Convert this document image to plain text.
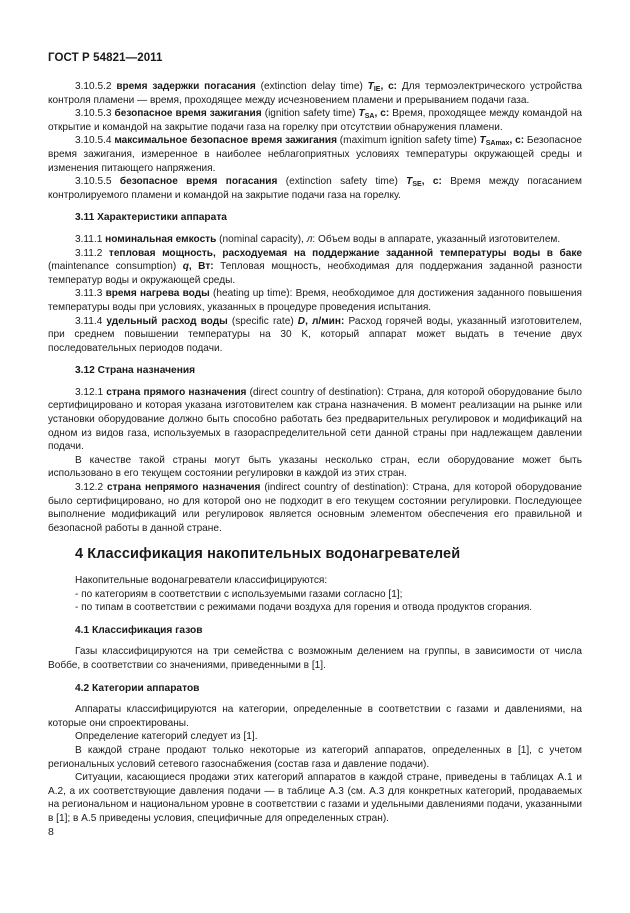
ГОСТ Р 54821—2011

3.10.5.2 время задержки погасания (extinction delay time) $T_{IE}$, с: Для термоэлектрического устройства контроля пламени — время, проходящее между исчезновением пламени и прерыванием подачи газа.

3.10.5.3 безопасное время зажигания (ignition safety time) $T_{SA}$, с: Время, проходящее между командой на открытие и командой на закрытие подачи газа на горелку при отсутствии обнаружения пламени.

3.10.5.4 максимальное безопасное время зажигания (maximum ignition safety time) $T_{SAmax}$, с: Безопасное время зажигания, измеренное в наиболее неблагоприятных условиях температуры окружающей среды и изменения питающего напряжения.

3.10.5.5 безопасное время погасания (extinction safety time) $T_{SE}$, с: Время между погасанием контролируемого пламени и командой на закрытие подачи газа на горелку.

3.11 Характеристики аппарата

3.11.1 номинальная емкость (nominal capacity), л: Объем воды в аппарате, указанный изготовителем.

3.11.2 тепловая мощность, расходуемая на поддержание заданной температуры воды в баке (maintenance consumption) q, Вт: Тепловая мощность, необходимая для поддержания заданной разности температур воды и окружающей среды.

3.11.3 время нагрева воды (heating up time): Время, необходимое для достижения заданного повышения температуры воды при условиях, указанных в процедуре проведения испытания.

3.11.4 удельный расход воды (specific rate) D, л/мин: Расход горячей воды, указанный изготовителем, при среднем повышении температуры на 30 K, который аппарат может выдать в течение двух последовательных периодов подачи.

3.12 Страна назначения

3.12.1 страна прямого назначения (direct country of destination): Страна, для которой оборудование было сертифицировано и которая указана изготовителем как страна назначения. В момент реализации на рынке или установки оборудование должно быть способно работать без предварительных регулировок и модификаций на одном из видов газа, используемых в газораспределительной сети данной страны при надлежащем давлении подачи.

В качестве такой страны могут быть указаны несколько стран, если оборудование может быть использовано в его текущем состоянии регулировки в каждой из этих стран.

3.12.2 страна непрямого назначения (indirect country of destination): Страна, для которой оборудование было сертифицировано, но для которой оно не подходит в его текущем состоянии регулировки. Последующее выполнение модификаций или регулировок является основным элементом обеспечения его правильной и безопасной работы в данной стране.

4 Классификация накопительных водонагревателей

Накопительные водонагреватели классифицируются:

- по категориям в соответствии с используемыми газами согласно [1];

- по типам в соответствии с режимами подачи воздуха для горения и отвода продуктов сгорания.

4.1 Классификация газов

Газы классифицируются на три семейства с возможным делением на группы, в зависимости от числа Воббе, в соответствии со значениями, приведенными в [1].

4.2 Категории аппаратов

Аппараты классифицируются на категории, определенные в соответствии с газами и давлениями, на которые они спроектированы.

Определение категорий следует из [1].

В каждой стране продают только некоторые из категорий аппаратов, определенных в [1], с учетом региональных условий сетевого газоснабжения (состав газа и давление подачи).

Ситуации, касающиеся продажи этих категорий аппаратов в каждой стране, приведены в таблицах А.1 и А.2, а их соответствующие давления подачи — в таблице А.3 (см. А.3 для конкретных категорий, продаваемых на региональном и национальном уровне в соответствии с газами и удельными давлениями подачи, указанными в [1]; в А.5 приведены условия, специфичные для определенных стран).

8
